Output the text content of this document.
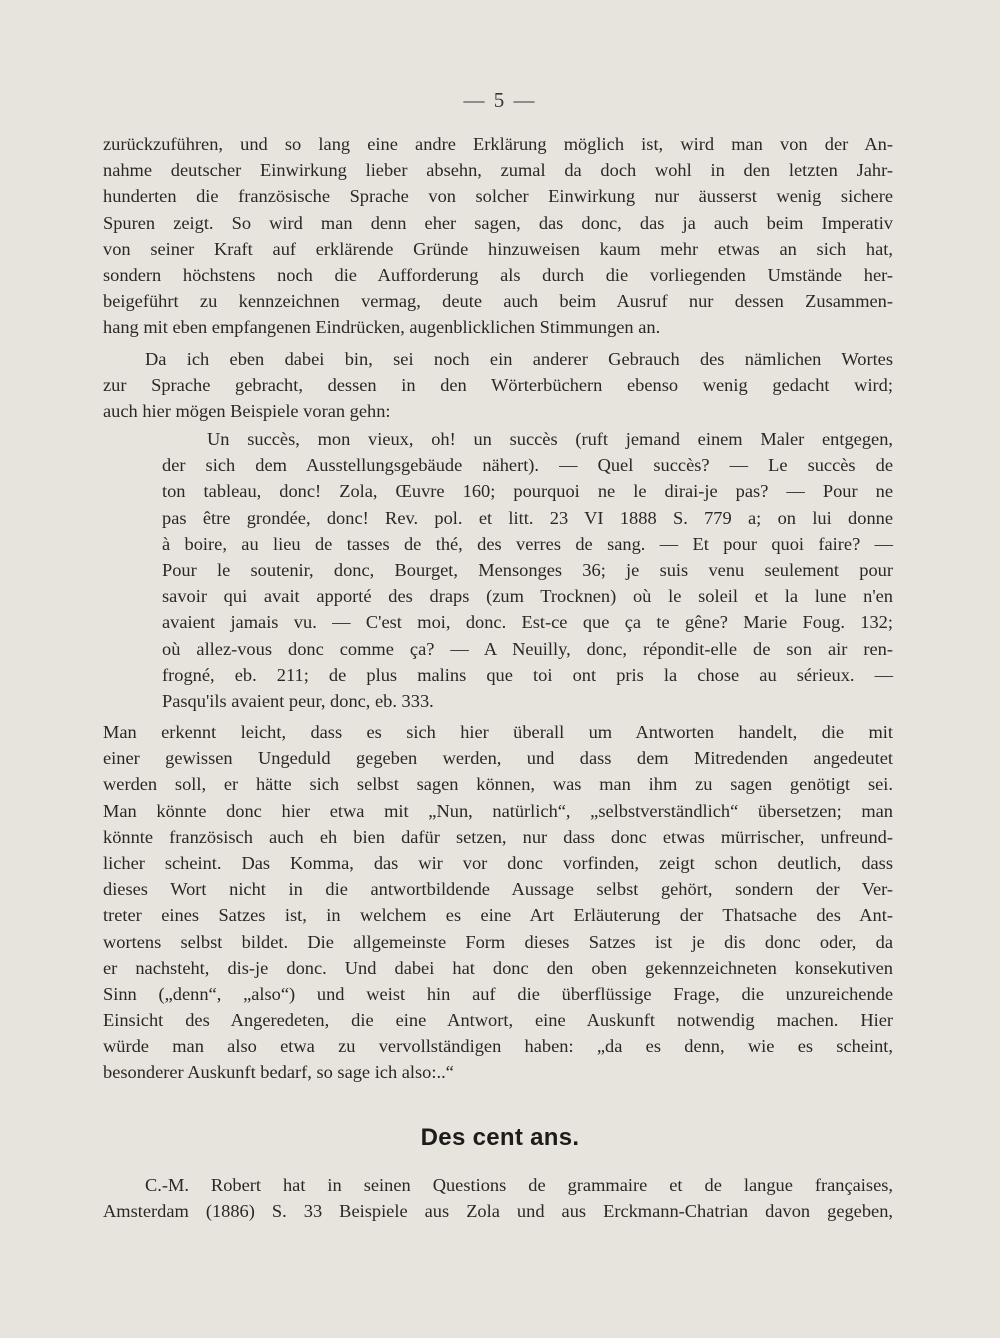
— 5 —
zurückzuführen, und so lang eine andre Erklärung möglich ist, wird man von der An-
nahme deutscher Einwirkung lieber absehn, zumal da doch wohl in den letzten Jahr-
hunderten die französische Sprache von solcher Einwirkung nur äusserst wenig sichere
Spuren zeigt. So wird man denn eher sagen, das donc, das ja auch beim Imperativ
von seiner Kraft auf erklärende Gründe hinzuweisen kaum mehr etwas an sich hat,
sondern höchstens noch die Aufforderung als durch die vorliegenden Umstände her-
beigeführt zu kennzeichnen vermag, deute auch beim Ausruf nur dessen Zusammen-
hang mit eben empfangenen Eindrücken, augenblicklichen Stimmungen an.
Da ich eben dabei bin, sei noch ein anderer Gebrauch des nämlichen Wortes
zur Sprache gebracht, dessen in den Wörterbüchern ebenso wenig gedacht wird;
auch hier mögen Beispiele voran gehn:
Un succès, mon vieux, oh! un succès (ruft jemand einem Maler entgegen,
der sich dem Ausstellungsgebäude nähert). — Quel succès? — Le succès de
ton tableau, donc! Zola, Œuvre 160; pourquoi ne le dirai-je pas? — Pour ne
pas être grondée, donc! Rev. pol. et litt. 23 VI 1888 S. 779 a; on lui donne
à boire, au lieu de tasses de thé, des verres de sang. — Et pour quoi faire? —
Pour le soutenir, donc, Bourget, Mensonges 36; je suis venu seulement pour
savoir qui avait apporté des draps (zum Trocknen) où le soleil et la lune n'en
avaient jamais vu. — C'est moi, donc. Est-ce que ça te gêne? Marie Foug. 132;
où allez-vous donc comme ça? — A Neuilly, donc, répondit-elle de son air ren-
frogné, eb. 211; de plus malins que toi ont pris la chose au sérieux. —
Pasqu'ils avaient peur, donc, eb. 333.
Man erkennt leicht, dass es sich hier überall um Antworten handelt, die mit
einer gewissen Ungeduld gegeben werden, und dass dem Mitredenden angedeutet
werden soll, er hätte sich selbst sagen können, was man ihm zu sagen genötigt sei.
Man könnte donc hier etwa mit „Nun, natürlich“, „selbstverständlich“ übersetzen; man
könnte französisch auch eh bien dafür setzen, nur dass donc etwas mürrischer, unfreund-
licher scheint. Das Komma, das wir vor donc vorfinden, zeigt schon deutlich, dass
dieses Wort nicht in die antwortbildende Aussage selbst gehört, sondern der Ver-
treter eines Satzes ist, in welchem es eine Art Erläuterung der Thatsache des Ant-
wortens selbst bildet. Die allgemeinste Form dieses Satzes ist je dis donc oder, da
er nachsteht, dis-je donc. Und dabei hat donc den oben gekennzeichneten konsekutiven
Sinn („denn“, „also“) und weist hin auf die überflüssige Frage, die unzureichende
Einsicht des Angeredeten, die eine Antwort, eine Auskunft notwendig machen. Hier
würde man also etwa zu vervollständigen haben: „da es denn, wie es scheint,
besonderer Auskunft bedarf, so sage ich also:..“
Des cent ans.
C.-M. Robert hat in seinen Questions de grammaire et de langue françaises,
Amsterdam (1886) S. 33 Beispiele aus Zola und aus Erckmann-Chatrian davon gegeben,
